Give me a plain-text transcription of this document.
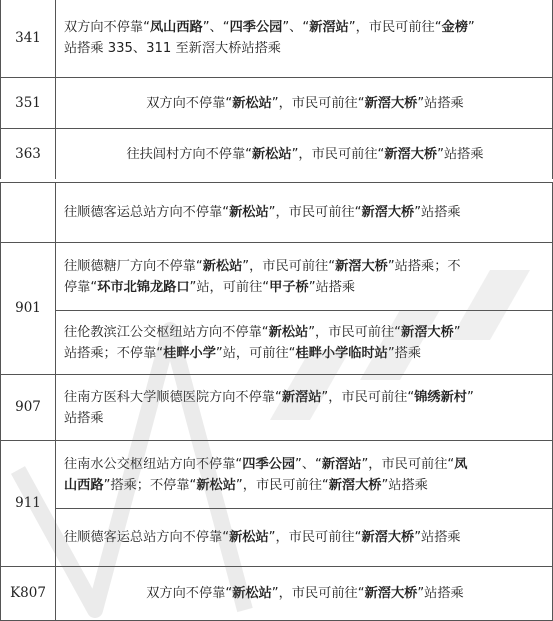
341	双方向不停靠“凤山西路”、“四季公园”、“新滘站”，市民可前往“金榜”
站搭乘 335、311 至新滘大桥站搭乘

351	双方向不停靠“新松站”，市民可前往“新滘大桥”站搭乘

363	往扶闾村方向不停靠“新松站”，市民可前往“新滘大桥”站搭乘

	往顺德客运总站方向不停靠“新松站”，市民可前往“新滘大桥”站搭乘

901	往顺德糖厂方向不停靠“新松站”，市民可前往“新滘大桥”站搭乘；不
停靠“环市北锦龙路口”站，可前往“甲子桥”站搭乘

	往伦教滨江公交枢纽站方向不停靠“新松站”，市民可前往“新滘大桥”
站搭乘；不停靠“桂畔小学”站，可前往“桂畔小学临时站”搭乘

907	往南方医科大学顺德医院方向不停靠“新滘站”，市民可前往“锦绣新村”
站搭乘

911	往南水公交枢纽站方向不停靠“四季公园”、“新滘站”，市民可前往“凤
山西路”搭乘；不停靠“新松站”，市民可前往“新滘大桥”站搭乘

	往顺德客运总站方向不停靠“新松站”，市民可前往“新滘大桥”站搭乘

K807	双方向不停靠“新松站”，市民可前往“新滘大桥”站搭乘
